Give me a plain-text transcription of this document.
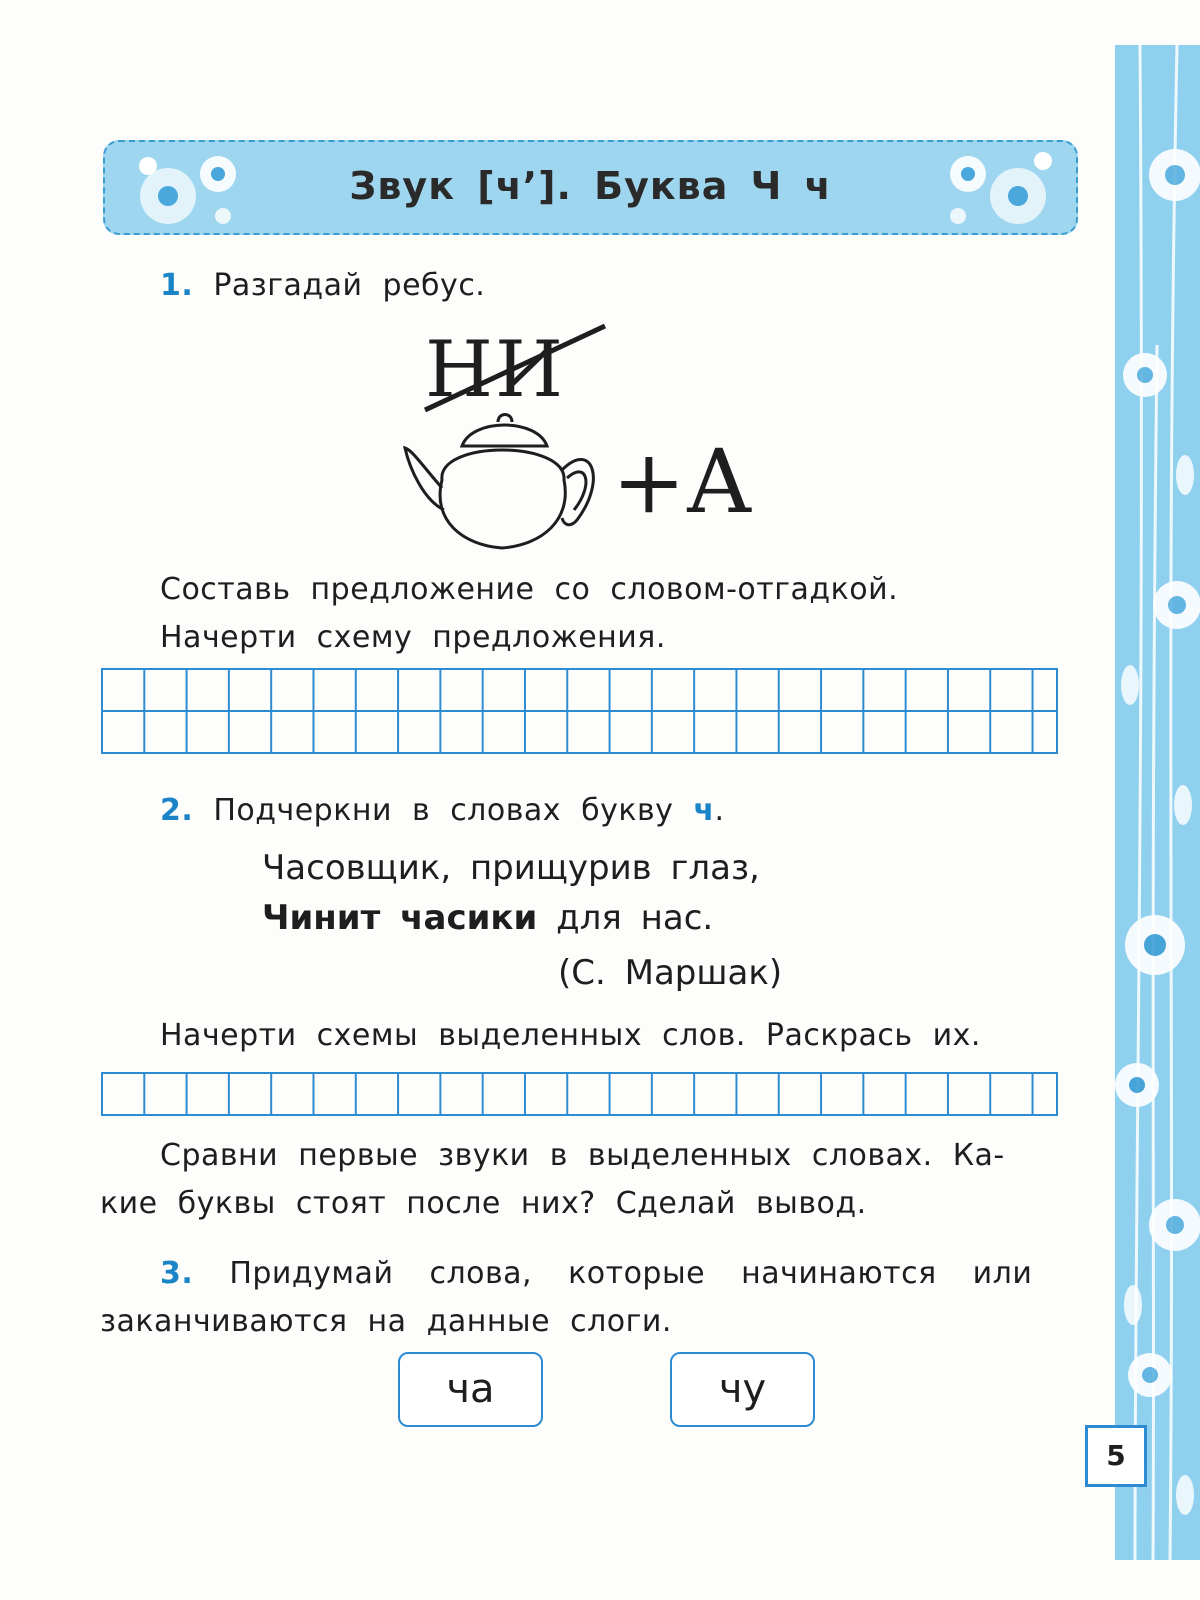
Звук [ч’]. Буква Ч ч
1. Разгадай ребус.
НИ
+А
Составь предложение со словом-отгадкой.
Начерти схему предложения.
2. Подчеркни в словах букву ч.
Часовщик, прищурив глаз,
Чинит часики для нас.
(С. Маршак)
Начерти схемы выделенных слов. Раскрась их.
Сравни первые звуки в выделенных словах. Ка-
кие буквы стоят после них? Сделай вывод.
3. Придумай слова, которые начинаются или
заканчиваются на данные слоги.
ча	чу
5
